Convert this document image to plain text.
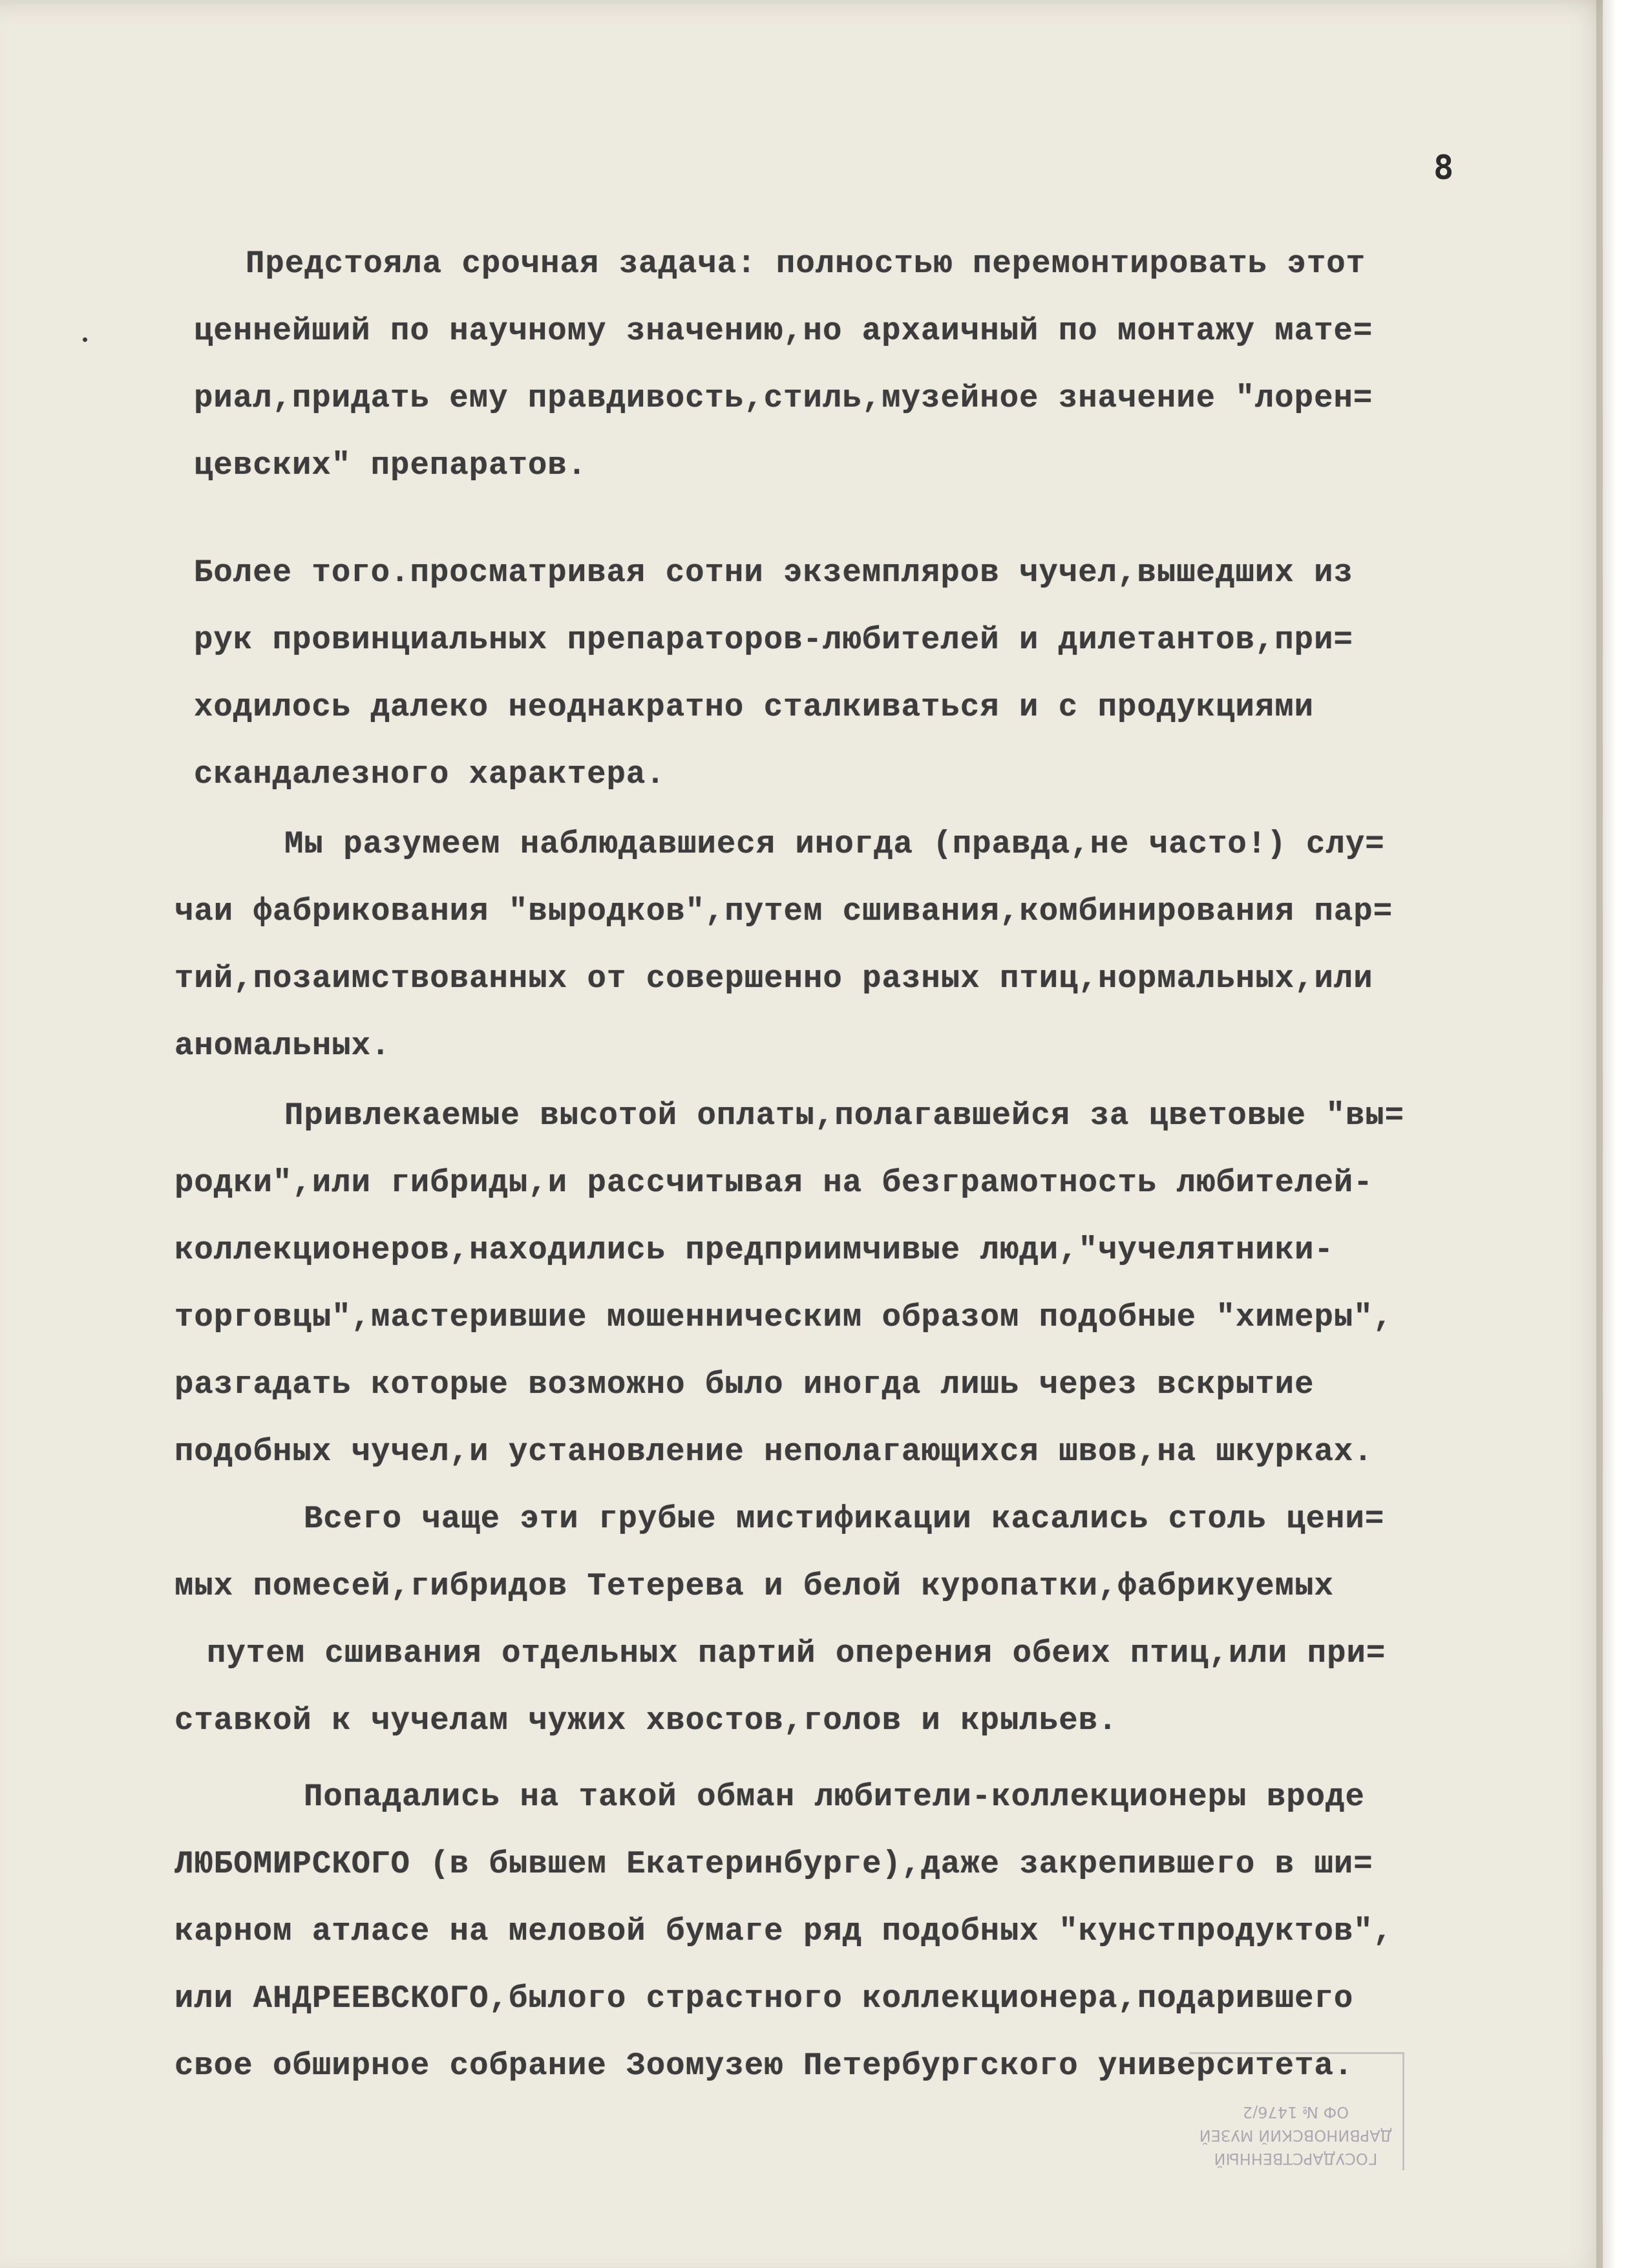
8
Предстояла срочная задача: полностью перемонтировать этот
ценнейший по научному значению,но архаичный по монтажу мате=
риал,придать ему правдивость,стиль,музейное значение "лорен=
цевских" препаратов.
Более того.просматривая сотни экземпляров чучел,вышедших из
рук провинциальных препараторов-любителей и дилетантов,при=
ходилось далеко неоднакратно сталкиваться и с продукциями
скандалезного характера.
Мы разумеем наблюдавшиеся иногда (правда,не часто!) слу=
чаи фабрикования "выродков",путем сшивания,комбинирования пар=
тий,позаимствованных от совершенно разных птиц,нормальных,или
аномальных.
Привлекаемые высотой оплаты,полагавшейся за цветовые "вы=
родки",или гибриды,и рассчитывая на безграмотность любителей-
коллекционеров,находились предприимчивые люди,"чучелятники-
торговцы",мастерившие мошенническим образом подобные "химеры",
разгадать которые возможно было иногда лишь через вскрытие
подобных чучел,и установление неполагающихся швов,на шкурках.
Всего чаще эти грубые мистификации касались столь цени=
мых помесей,гибридов Тетерева и белой куропатки,фабрикуемых
путем сшивания отдельных партий оперения обеих птиц,или при=
ставкой к чучелам чужих хвостов,голов и крыльев.
Попадались на такой обман любители-коллекционеры вроде
ЛЮБОМИРСКОГО (в бывшем Екатеринбурге),даже закрепившего в ши=
карном атласе на меловой бумаге ряд подобных "кунстпродуктов",
или АНДРЕЕВСКОГО,былого страстного коллекционера,подарившего
свое обширное собрание Зоомузею Петербургского университета.
ГОСУДАРСТВЕННЫЙ
ДАРВИНОВСКИЙ МУЗЕЙ
ОФ № 1476/2
